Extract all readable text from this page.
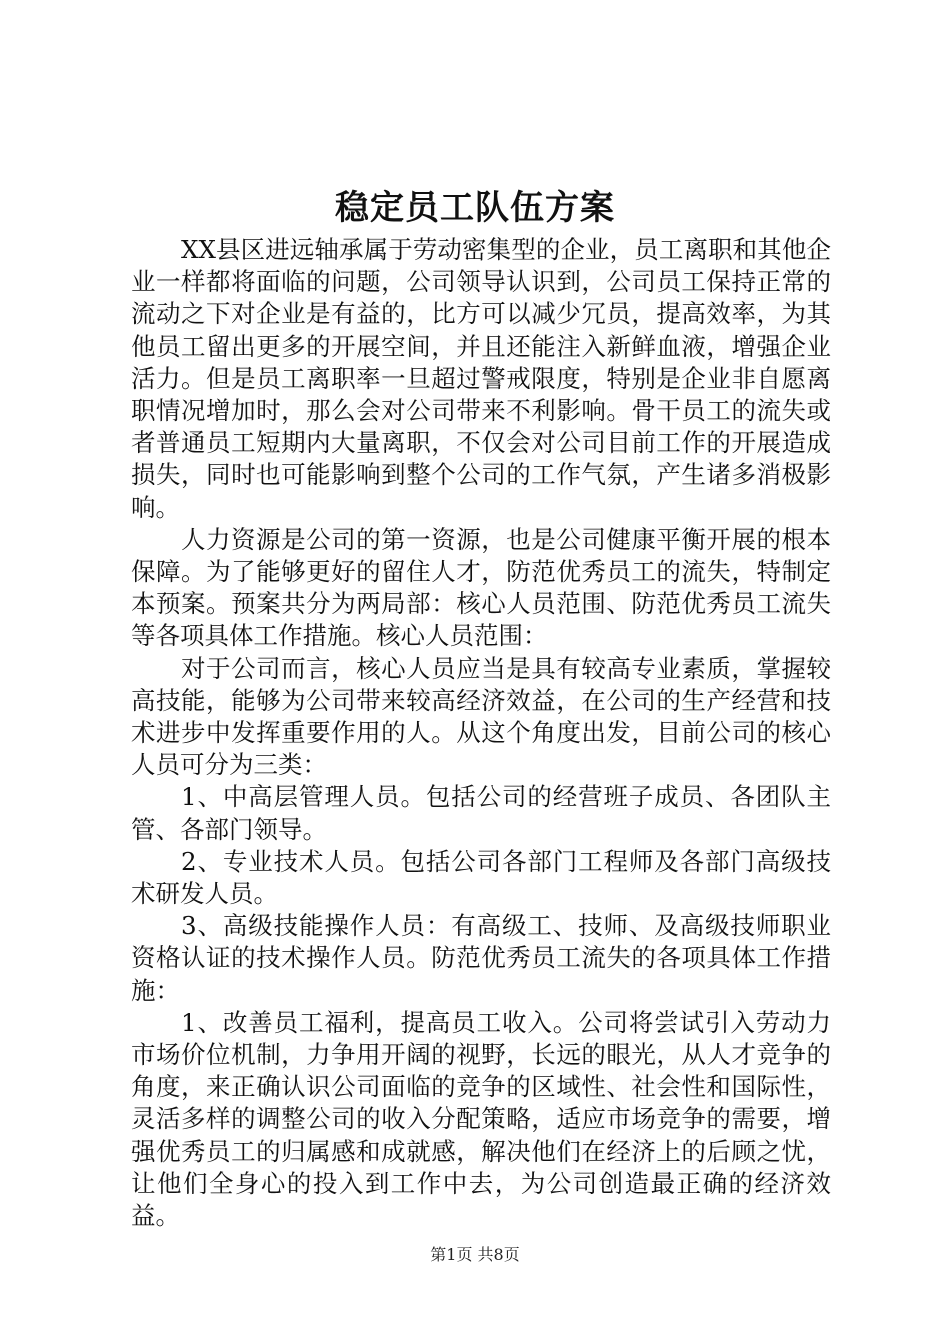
稳定员工队伍方案

XX县区进远轴承属于劳动密集型的企业，员工离职和其他企业一样都将面临的问题，公司领导认识到，公司员工保持正常的流动之下对企业是有益的，比方可以减少冗员，提高效率，为其他员工留出更多的开展空间，并且还能注入新鲜血液，增强企业活力。但是员工离职率一旦超过警戒限度，特别是企业非自愿离职情况增加时，那么会对公司带来不利影响。骨干员工的流失或者普通员工短期内大量离职，不仅会对公司目前工作的开展造成损失，同时也可能影响到整个公司的工作气氛，产生诸多消极影响。

人力资源是公司的第一资源，也是公司健康平衡开展的根本保障。为了能够更好的留住人才，防范优秀员工的流失，特制定本预案。预案共分为两局部：核心人员范围、防范优秀员工流失等各项具体工作措施。核心人员范围：

对于公司而言，核心人员应当是具有较高专业素质，掌握较高技能，能够为公司带来较高经济效益，在公司的生产经营和技术进步中发挥重要作用的人。从这个角度出发，目前公司的核心人员可分为三类：

1、中高层管理人员。包括公司的经营班子成员、各团队主管、各部门领导。

2、专业技术人员。包括公司各部门工程师及各部门高级技术研发人员。

3、高级技能操作人员：有高级工、技师、及高级技师职业资格认证的技术操作人员。防范优秀员工流失的各项具体工作措施：

1、改善员工福利，提高员工收入。公司将尝试引入劳动力市场价位机制，力争用开阔的视野，长远的眼光，从人才竞争的角度，来正确认识公司面临的竞争的区域性、社会性和国际性，灵活多样的调整公司的收入分配策略，适应市场竞争的需要，增强优秀员工的归属感和成就感，解决他们在经济上的后顾之忧，让他们全身心的投入到工作中去，为公司创造最正确的经济效益。

第1页 共8页
